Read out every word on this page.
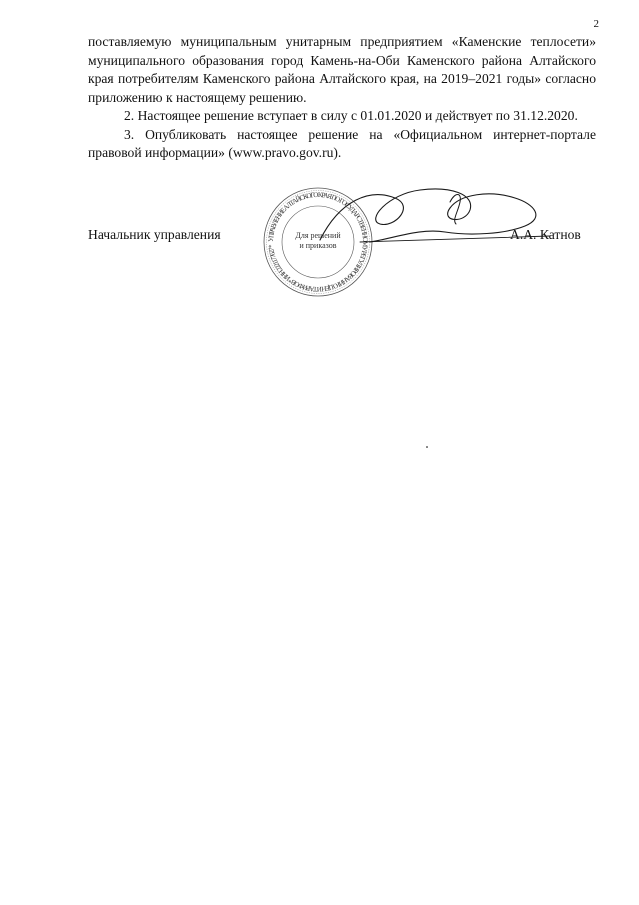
2

поставляемую муниципальным унитарным предприятием «Каменские теплосети» муниципального образования город Камень-на-Оби Каменского района Алтайского края потребителям Каменского района Алтайского края, на 2019–2021 годы» согласно приложению к настоящему решению.

2. Настоящее решение вступает в силу с 01.01.2020 и действует по 31.12.2020.

3. Опубликовать настоящее решение на «Официальном интернет-портале правовой информации» (www.pravo.gov.ru).

Начальник управления	А.А. Катнов
УПРАВЛЕНИЕ АЛТАЙСКОГО КРАЯ ПО ГОСУДАРСТВЕННОМУ РЕГУЛИРОВАНИЮ ЦЕН И ТАРИФОВ * ИНН 2221177627 *
Для решений
и приказов
